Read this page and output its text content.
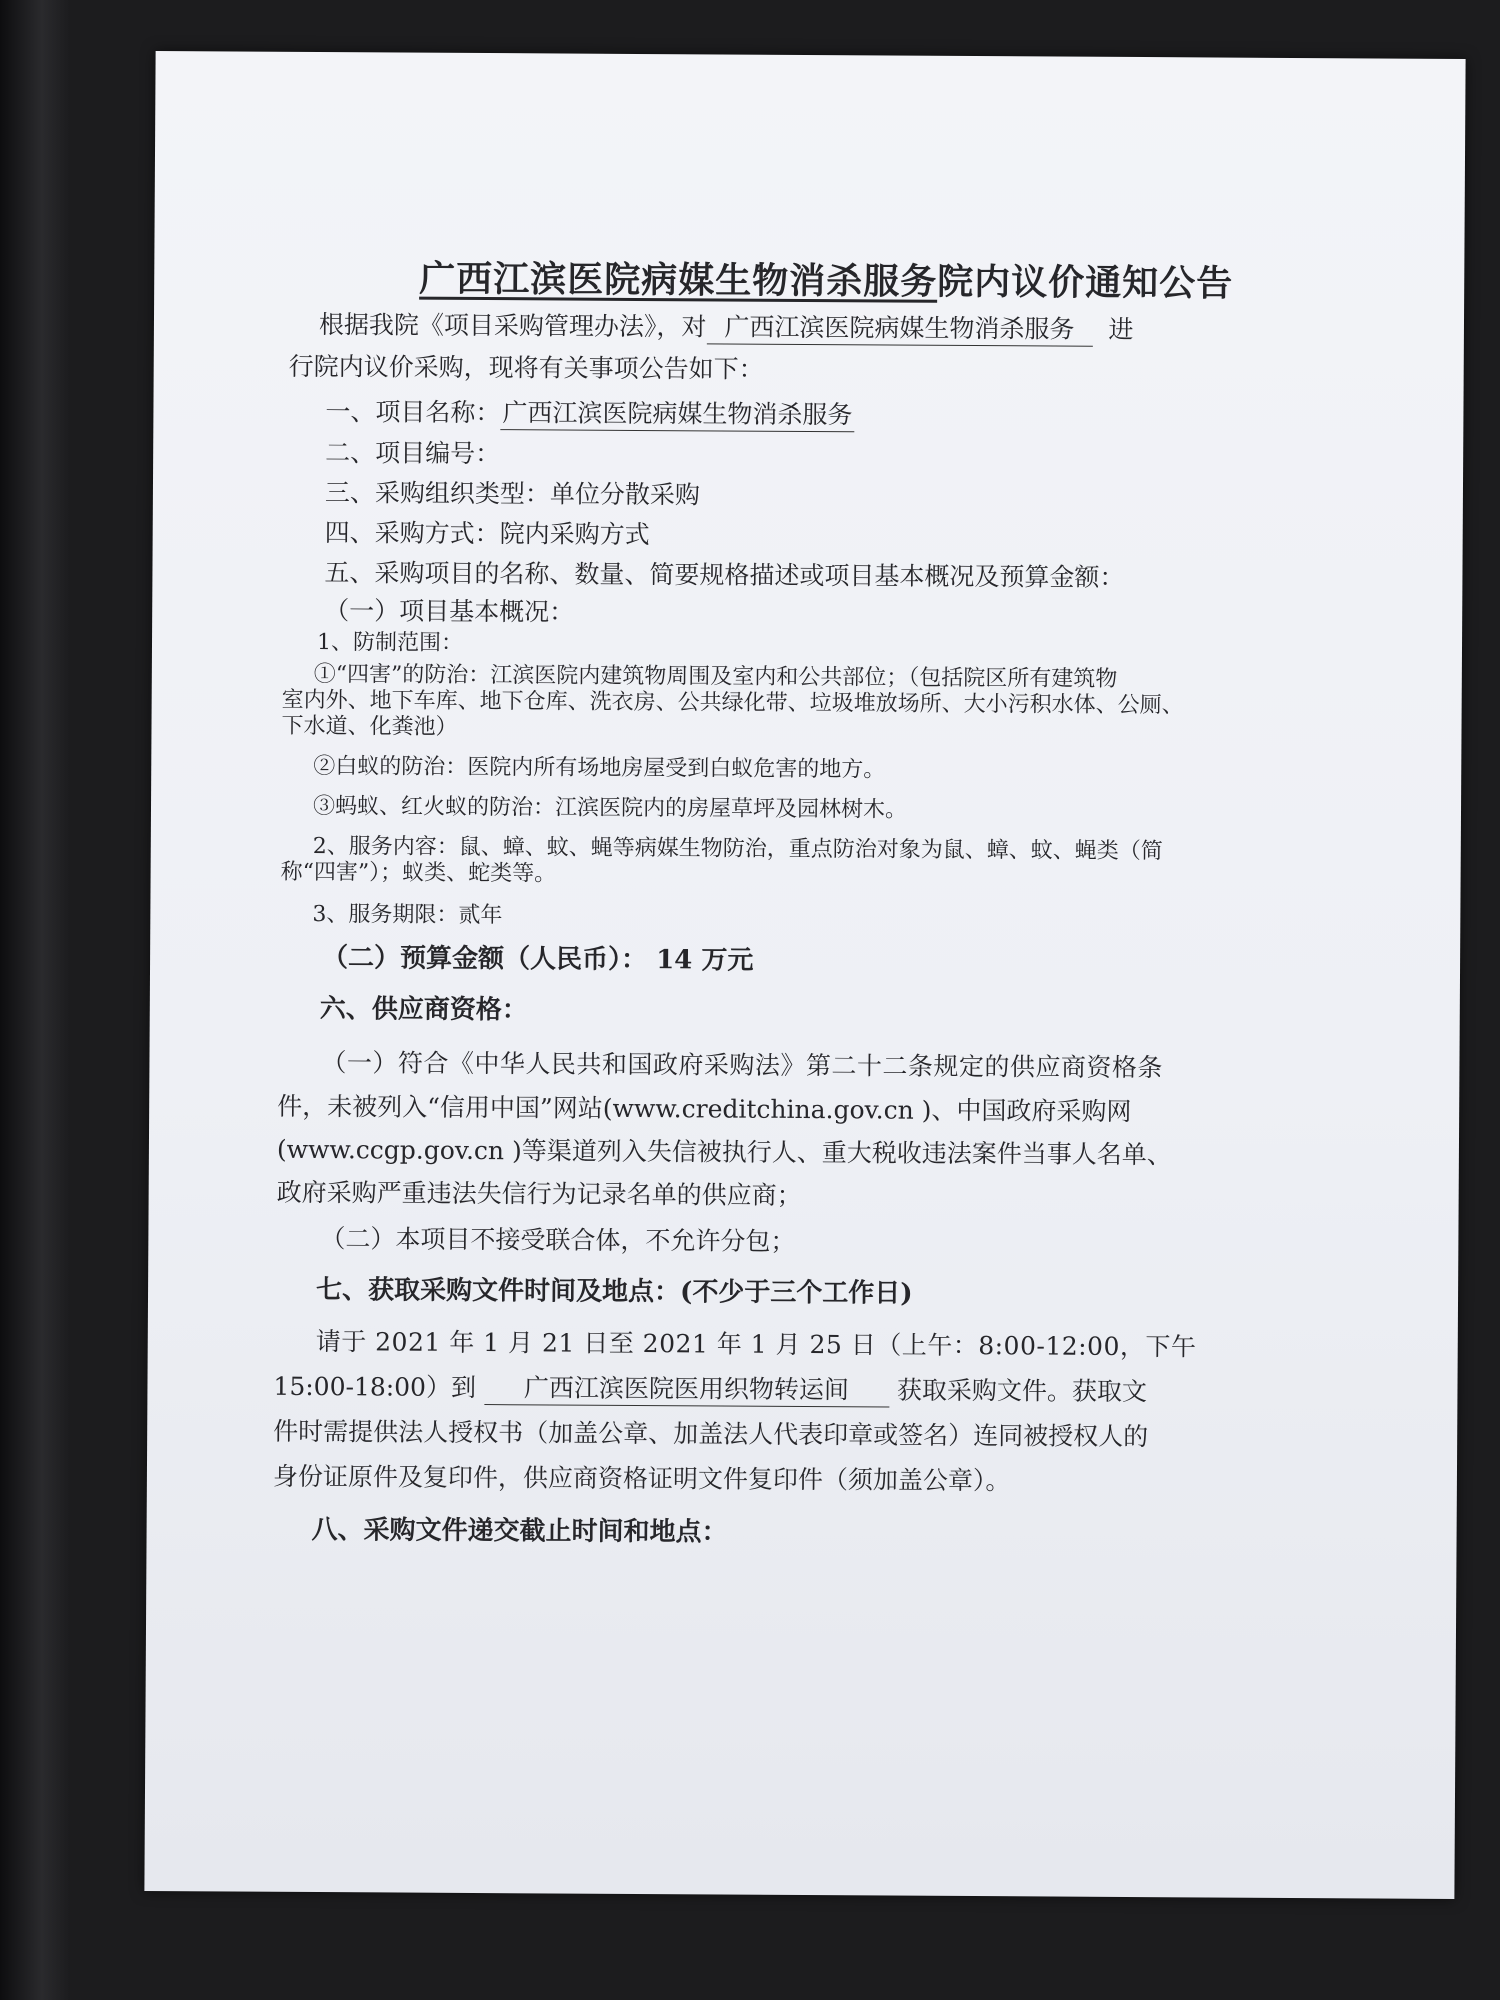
广西江滨医院病媒生物消杀服务院内议价通知公告
根据我院《项目采购管理办法》，对 广西江滨医院病媒生物消杀服务 进
行院内议价采购，现将有关事项公告如下：
一、项目名称：广西江滨医院病媒生物消杀服务
二、项目编号：
三、采购组织类型：单位分散采购
四、采购方式：院内采购方式
五、采购项目的名称、数量、简要规格描述或项目基本概况及预算金额：
（一）项目基本概况：
1、防制范围：
①“四害”的防治：江滨医院内建筑物周围及室内和公共部位；（包括院区所有建筑物
室内外、地下车库、地下仓库、洗衣房、公共绿化带、垃圾堆放场所、大小污积水体、公厕、
下水道、化粪池）
②白蚁的防治：医院内所有场地房屋受到白蚁危害的地方。
③蚂蚁、红火蚁的防治：江滨医院内的房屋草坪及园林树木。
2、服务内容：鼠、蟑、蚊、蝇等病媒生物防治，重点防治对象为鼠、蟑、蚊、蝇类（简
称“四害”）；蚁类、蛇类等。
3、服务期限：贰年
（二）预算金额（人民币）： 14 万元
六、供应商资格：
（一）符合《中华人民共和国政府采购法》第二十二条规定的供应商资格条
件，未被列入“信用中国”网站(www.creditchina.gov.cn )、中国政府采购网
(www.ccgp.gov.cn )等渠道列入失信被执行人、重大税收违法案件当事人名单、
政府采购严重违法失信行为记录名单的供应商；
（二）本项目不接受联合体，不允许分包；
七、获取采购文件时间及地点：(不少于三个工作日)
请于 2021 年 1 月 21 日至 2021 年 1 月 25 日（上午：8:00-12:00，下午
15:00-18:00）到 广西江滨医院医用织物转运间 获取采购文件。获取文
件时需提供法人授权书（加盖公章、加盖法人代表印章或签名）连同被授权人的
身份证原件及复印件，供应商资格证明文件复印件（须加盖公章）。
八、采购文件递交截止时间和地点：
